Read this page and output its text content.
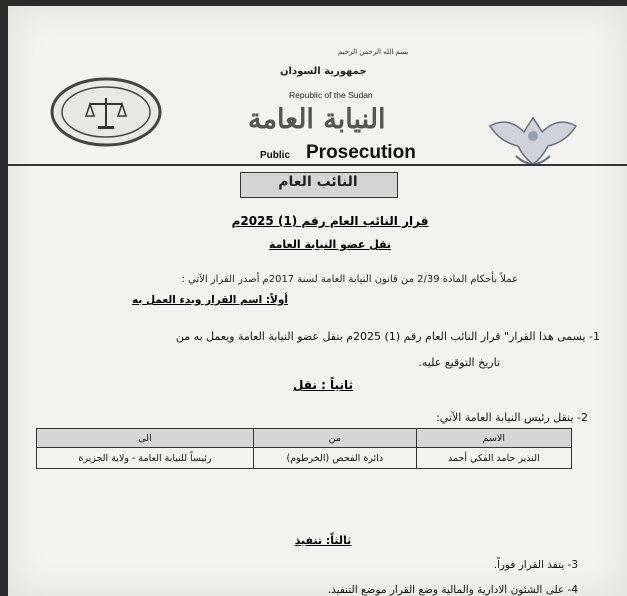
بسم الله الرحمن الرحيم
جمهورية السودان
Republic of the Sudan
النيابة العامة
Public Prosecution
النائب العام
قرار النائب العام رقم (1) 2025م
نقل عضو النيابة العامة
عملاً بأحكام المادة 2/39 من قانون النيابة العامة لسنة 2017م أصدر القرار الآتي :
أولاً: اسم القرار وبدء العمل به
1- يسمى هذا القرار" قرار النائب العام رقم (1) 2025م بنقل عضو النيابة العامة ويعمل به من
تاريخ التوقيع عليه.
ثانياً : نقل
2- ينقل رئيس النيابة العامة الآتي:
الاسم	من	الى
النذير حامد الفكي أحمد	دائرة الفحص (الخرطوم)	رئيساً للنيابة العامة - ولاية الجزيرة
ثالثاً: تنفيذ
3- يتفذ القرار فوراً.
4- على الشئون الادارية والمالية وضع القرار موضع التنفيذ.
